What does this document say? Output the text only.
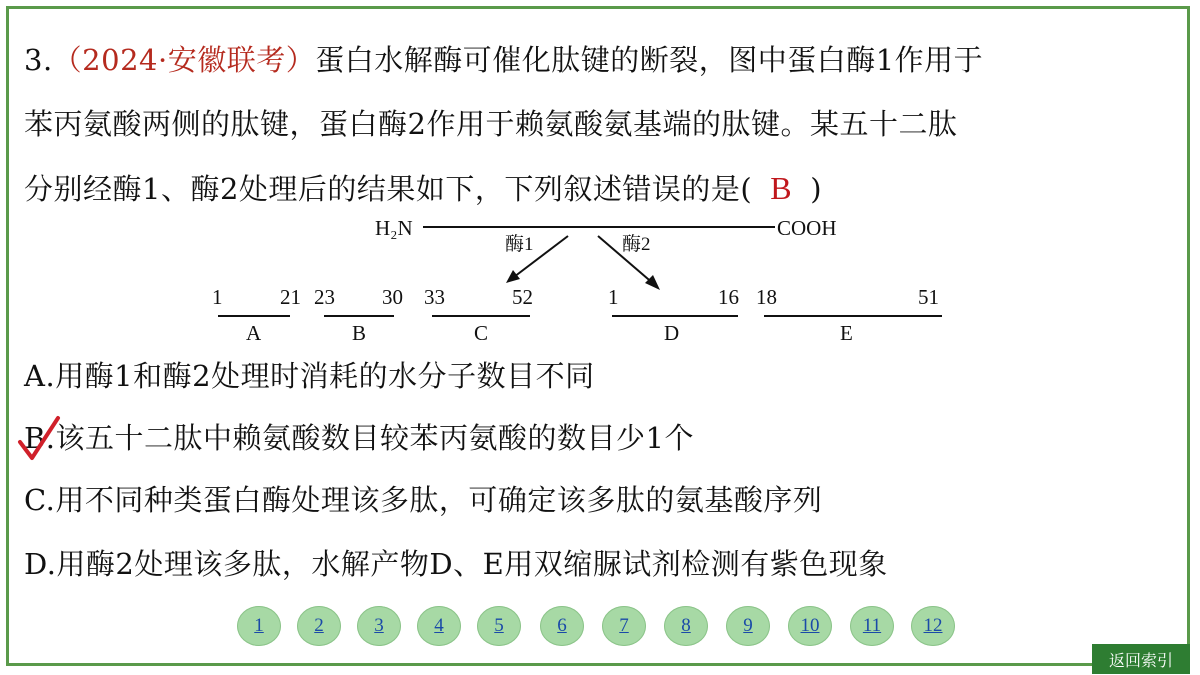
3.（2024·安徽联考）蛋白水解酶可催化肽键的断裂，图中蛋白酶1作用于
苯丙氨酸两侧的肽键，蛋白酶2作用于赖氨酸氨基端的肽键。某五十二肽
分别经酶1、酶2处理后的结果如下，下列叙述错误的是( B )
H₂N	COOH
酶1	酶2
1	21
A
23 30
B
33	52
C
1	16
D
18	51
E
A.用酶1和酶2处理时消耗的水分子数目不同
B.该五十二肽中赖氨酸数目较苯丙氨酸的数目少1个
C.用不同种类蛋白酶处理该多肽，可确定该多肽的氨基酸序列
D.用酶2处理该多肽，水解产物D、E用双缩脲试剂检测有紫色现象
1	2	3	4	5	6	7	8	9	10	11	12
返回索引
